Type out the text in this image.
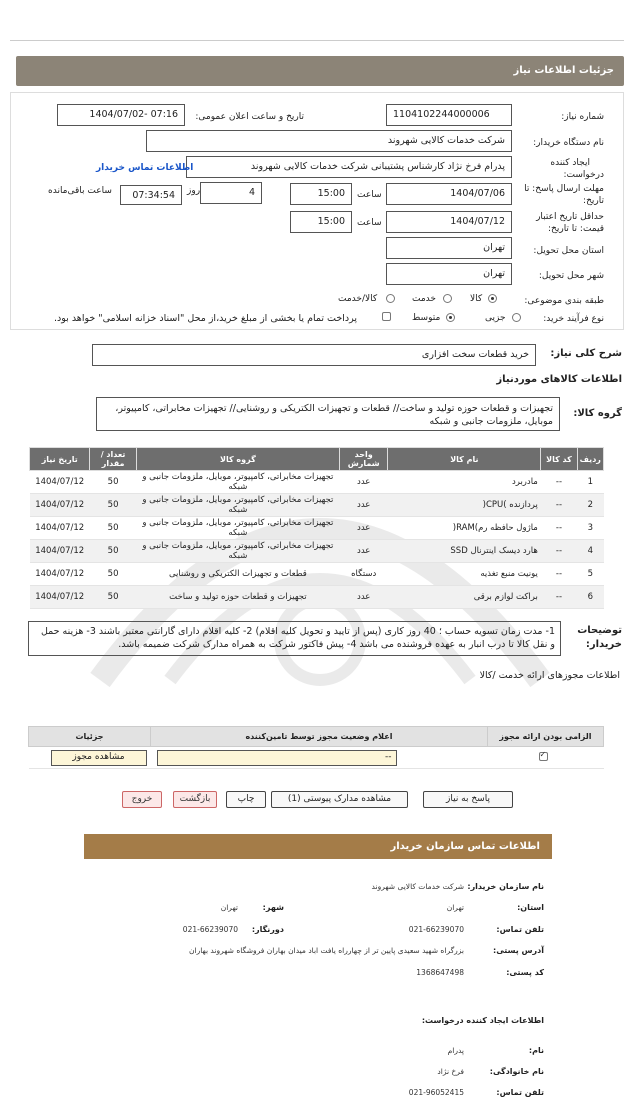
جزئیات اطلاعات نیاز
شماره نیاز:
1104102244000006
تاریخ و ساعت اعلان عمومی:
1404/07/02- 07:16
نام دستگاه خریدار:
شرکت خدمات کالایی شهروند
ایجاد کننده
درخواست:
پدرام فرخ نژاد کارشناس پشتیبانی شرکت خدمات کالایی شهروند
اطلاعات تماس خریدار
مهلت ارسال پاسخ: تا
تاریخ:
1404/07/06
ساعت
15:00
4
روز
07:34:54
ساعت باقی‌مانده
حداقل تاریخ اعتبار
قیمت: تا تاریخ:
1404/07/12
ساعت
15:00
استان محل تحویل:
تهران
شهر محل تحویل:
تهران
طبقه بندی موضوعی:
کالا
خدمت
کالا/خدمت
نوع فرآیند خرید:
جزیی
متوسط
پرداخت تمام یا بخشی از مبلغ خرید،از محل "اسناد خزانه اسلامی" خواهد بود.
شرح کلی نیاز:
خرید قطعات سخت افزاری
اطلاعات کالاهای موردنیاز
گروه کالا:
تجهیزات و قطعات حوزه تولید و ساخت// قطعات و تجهیزات الکتریکی و روشنایی// تجهیزات مخابراتی، کامپیوتر، موبایل، ملزومات جانبی و شبکه
ردیف	کد کالا	نام کالا	واحد شمارش	گروه کالا	تعداد / مقدار	تاریخ نیاز
1	--	مادربرد	عدد	تجهیزات مخابراتی، کامپیوتر، موبایل، ملزومات جانبی و شبکه	50	1404/07/12
2	--	پردازنده )CPU(	عدد	تجهیزات مخابراتی، کامپیوتر، موبایل، ملزومات جانبی و شبکه	50	1404/07/12
3	--	ماژول حافظه رم)RAM(	عدد	تجهیزات مخابراتی، کامپیوتر، موبایل، ملزومات جانبی و شبکه	50	1404/07/12
4	--	هارد دیسک اینترنال SSD	عدد	تجهیزات مخابراتی، کامپیوتر، موبایل، ملزومات جانبی و شبکه	50	1404/07/12
5	--	یونیت منبع تغذیه	دستگاه	قطعات و تجهیزات الکتریکی و روشنایی	50	1404/07/12
6	--	براکت لوازم برقی	عدد	تجهیزات و قطعات حوزه تولید و ساخت	50	1404/07/12
توضیحات
خریدار:
1- مدت زمان تسویه حساب ؛ 40 روز کاری (پس از تایید و تحویل کلیه اقلام) 2- کلیه اقلام دارای گارانتی معتبر باشند 3- هزینه حمل و نقل کالا تا درب انبار به عهده فروشنده می باشد 4- پیش فاکتور شرکت به همراه مدارک شرکت ضمیمه باشد.
اطلاعات مجوزهای ارائه خدمت /کالا
الزامی بودن ارائه مجوز	اعلام وضعیت مجوز توسط تامین‌کننده	جزئیات
✓	
--	مشاهده مجوز
پاسخ به نیاز
مشاهده مدارک پیوستی (1)
چاپ
بازگشت
خروج
اطلاعات تماس سازمان خریدار
نام سازمان خریدار:
شرکت خدمات کالایی شهروند
استان:
تهران
شهر:
تهران
تلفن تماس:
021-66239070
دورنگار:
021-66239070
آدرس پستی:
بزرگراه شهید سعیدی پایین تر از چهارراه یافت اباد میدان بهاران فروشگاه شهروند بهاران
کد پستی:
1368647498
اطلاعات ایجاد کننده درخواست:
نام:
پدرام
نام خانوادگی:
فرخ نژاد
تلفن تماس:
021-96052415
